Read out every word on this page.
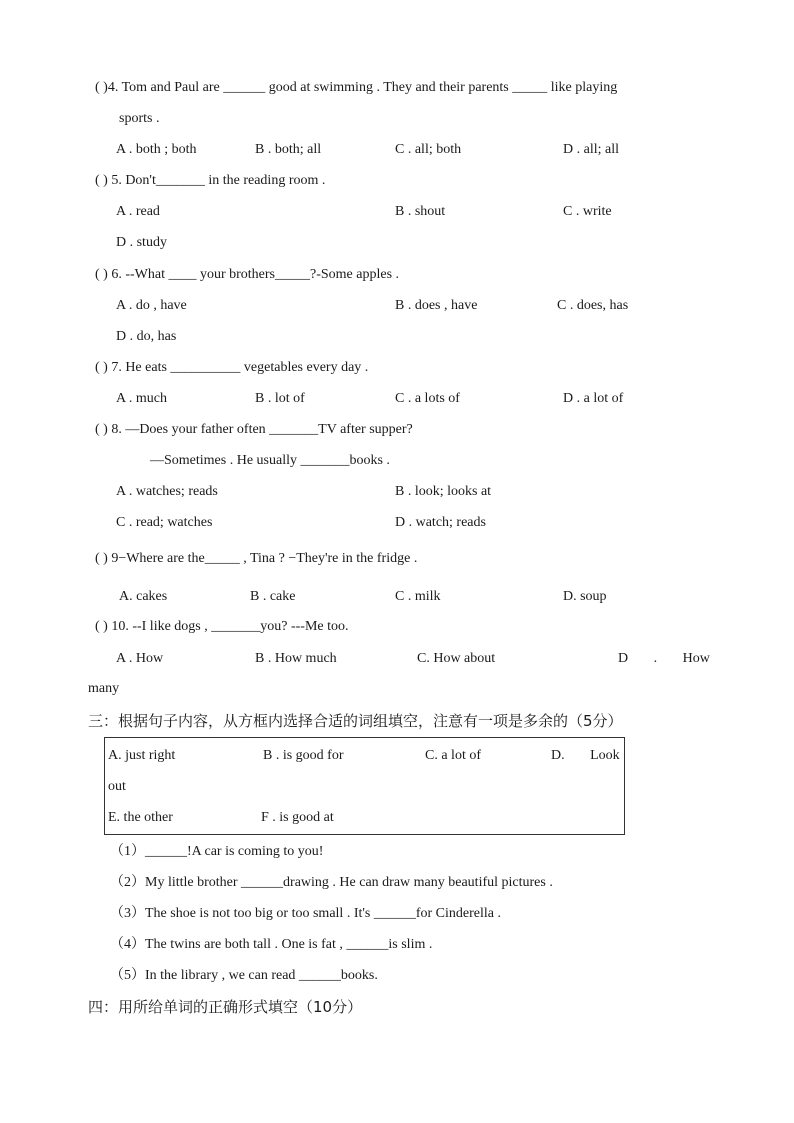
( )4. Tom and Paul are ______ good at swimming . They and their parents _____ like playing
sports .
A . both ; both	B . both; all	C . all; both	D . all; all
( ) 5. Don't_______ in the reading room .
A . read	B . shout	C . write
D . study
( ) 6. --What ____ your brothers_____?-Some apples .
A . do , have	B . does , have	C . does, has
D . do, has
( ) 7. He eats __________ vegetables every day .
A . much	B . lot of	C . a lots of	D . a lot of
( ) 8. —Does your father often _______TV after supper?
—Sometimes . He usually _______books .
A . watches; reads	B . look; looks at
C . read; watches	D . watch; reads
( ) 9−Where are the_____ , Tina ? −They're in the fridge .
A. cakes	B . cake	C . milk	D. soup
( ) 10. --I like dogs , _______you? ---Me too.
A . How	B . How much	C. How about	D . How
many
三：根据句子内容，从方框内选择合适的词组填空，注意有一项是多余的（5分）
A. just right	B . is good for	C. a lot of	D. Look
out
E. the other	F . is good at
（1）______!A car is coming to you!
（2）My little brother ______drawing . He can draw many beautiful pictures .
（3）The shoe is not too big or too small . It's ______for Cinderella .
（4）The twins are both tall . One is fat , ______is slim .
（5）In the library , we can read ______books.
四：用所给单词的正确形式填空（10分）
